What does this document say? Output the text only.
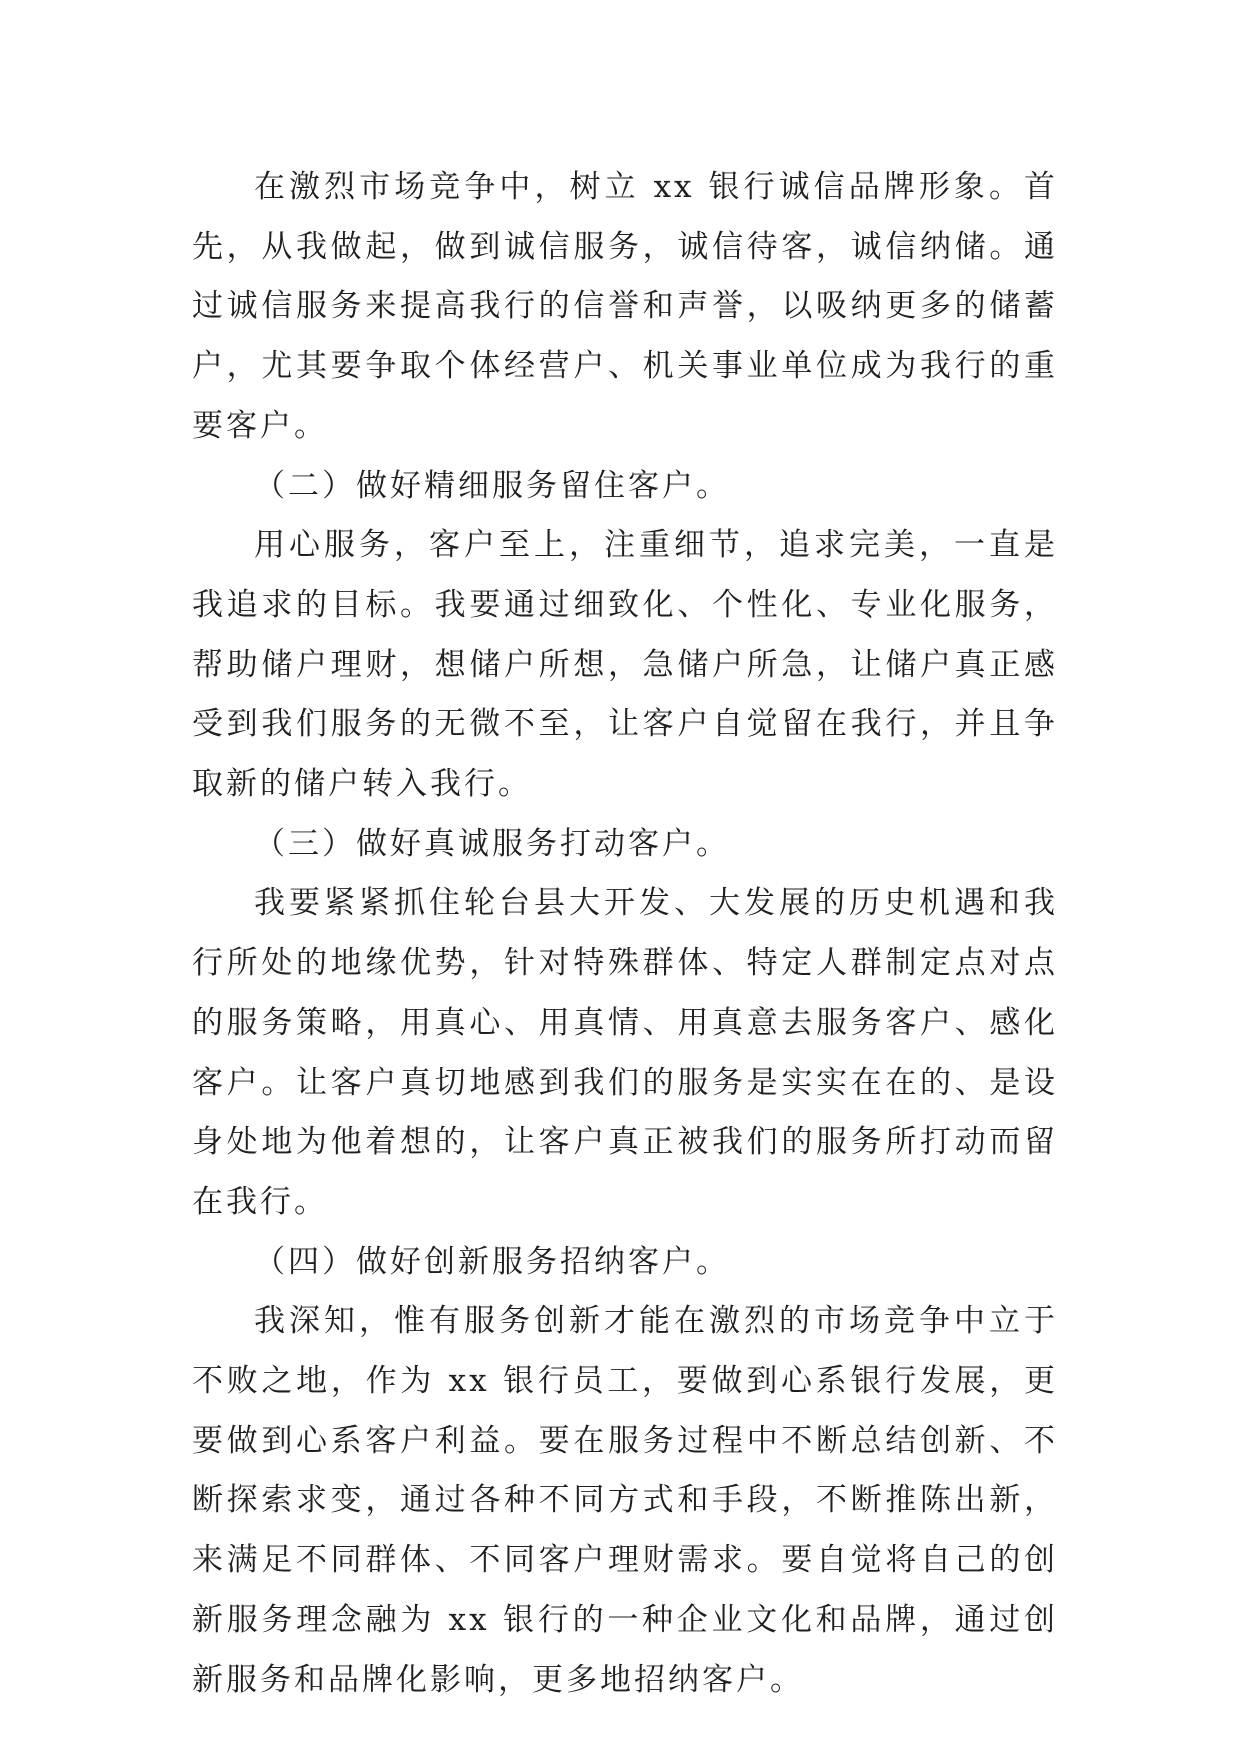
在激烈市场竞争中，树立 xx 银行诚信品牌形象。首先，从我做起，做到诚信服务，诚信待客，诚信纳储。通过诚信服务来提高我行的信誉和声誉，以吸纳更多的储蓄户，尤其要争取个体经营户、机关事业单位成为我行的重要客户。

（二）做好精细服务留住客户。

用心服务，客户至上，注重细节，追求完美，一直是我追求的目标。我要通过细致化、个性化、专业化服务，帮助储户理财，想储户所想，急储户所急，让储户真正感受到我们服务的无微不至，让客户自觉留在我行，并且争取新的储户转入我行。

（三）做好真诚服务打动客户。

我要紧紧抓住轮台县大开发、大发展的历史机遇和我行所处的地缘优势，针对特殊群体、特定人群制定点对点的服务策略，用真心、用真情、用真意去服务客户、感化客户。让客户真切地感到我们的服务是实实在在的、是设身处地为他着想的，让客户真正被我们的服务所打动而留在我行。

（四）做好创新服务招纳客户。

我深知，惟有服务创新才能在激烈的市场竞争中立于不败之地，作为 xx 银行员工，要做到心系银行发展，更要做到心系客户利益。要在服务过程中不断总结创新、不断探索求变，通过各种不同方式和手段，不断推陈出新，来满足不同群体、不同客户理财需求。要自觉将自己的创新服务理念融为 xx 银行的一种企业文化和品牌，通过创新服务和品牌化影响，更多地招纳客户。
